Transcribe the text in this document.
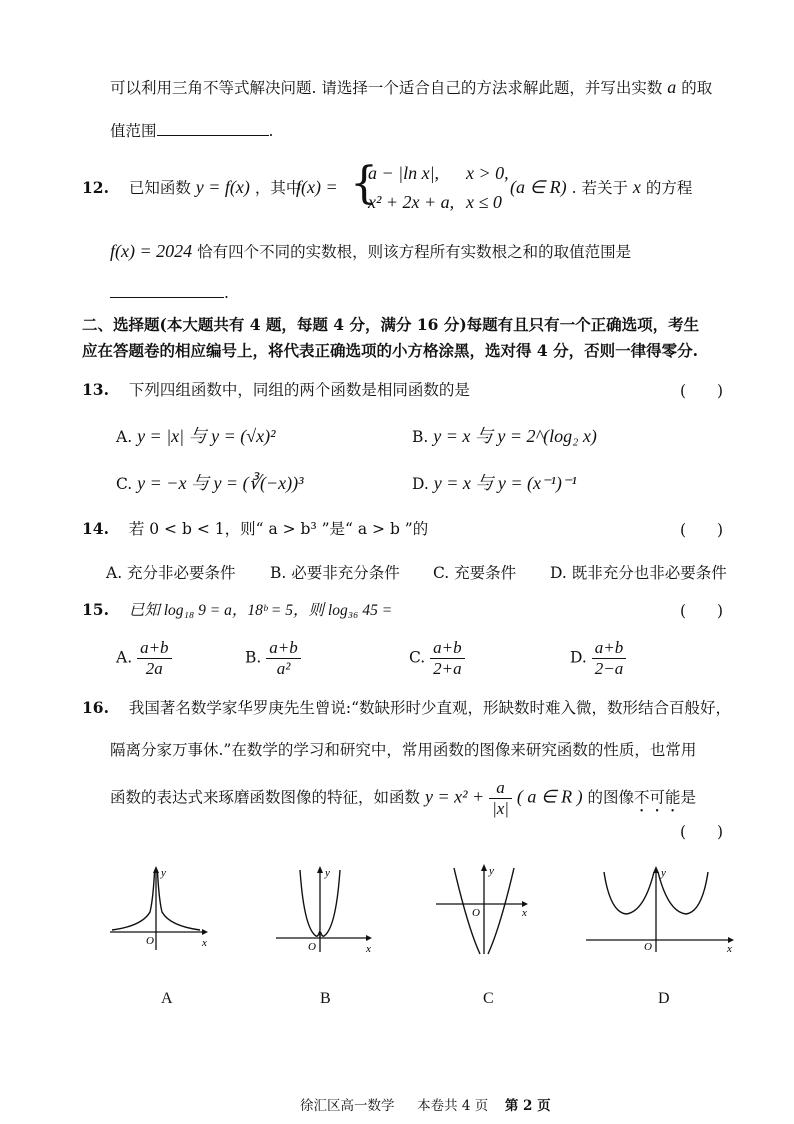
可以利用三角不等式解决问题. 请选择一个适合自己的方法求解此题，并写出实数 a 的取
值范围	.
12. 已知函数 y = f(x) ，其中
f(x) = {
a − |ln x|, x > 0,
x² + 2x + a, x ≤ 0
(a ∈ R) . 若关于 x 的方程
f(x) = 2024 恰有四个不同的实数根，则该方程所有实数根之和的取值范围是
.
二、选择题(本大题共有 4 题，每题 4 分，满分 16 分)每题有且只有一个正确选项，考生
应在答题卷的相应编号上，将代表正确选项的小方格涂黑，选对得 4 分，否则一律得零分.
13. 下列四组函数中，同组的两个函数是相同函数的是	(　　)
A. y = |x| 与 y = (√x)²	B. y = x 与 y = 2^(log₂ x)
C. y = −x 与 y = (∛(−x))³	D. y = x 与 y = (x⁻¹)⁻¹
14. 若 0 < b < 1，则“ a > b³ ”是“ a > b ”的	(　　)
A. 充分非必要条件 B. 必要非充分条件 C. 充要条件 D. 既非充分也非必要条件
15. 已知 log₁₈ 9 = a，18ᵇ = 5，则 log₃₆ 45 =	(　　)
A. $\frac{a+b}{2a}$	B. $\frac{a+b}{\text{a²}}$	C. $\frac{a+b}{2+a}$	D. $\frac{a+b}{2-a}$
16. 我国著名数学家华罗庚先生曾说:“数缺形时少直观，形缺数时难入微，数形结合百般好，
隔离分家万事休.”在数学的学习和研究中，常用函数的图像来研究函数的性质，也常用
函数的表达式来琢磨函数图像的特征，如函数 $y = x^2 + \frac{a}{|x|}$ ( a ∈ R ) 的图像不可能是
(　　)
y
x
O
y
x
O
y
x
O
y
x
O
A	B	C	D
徐汇区高一数学 本卷共 4 页 第 2 页
